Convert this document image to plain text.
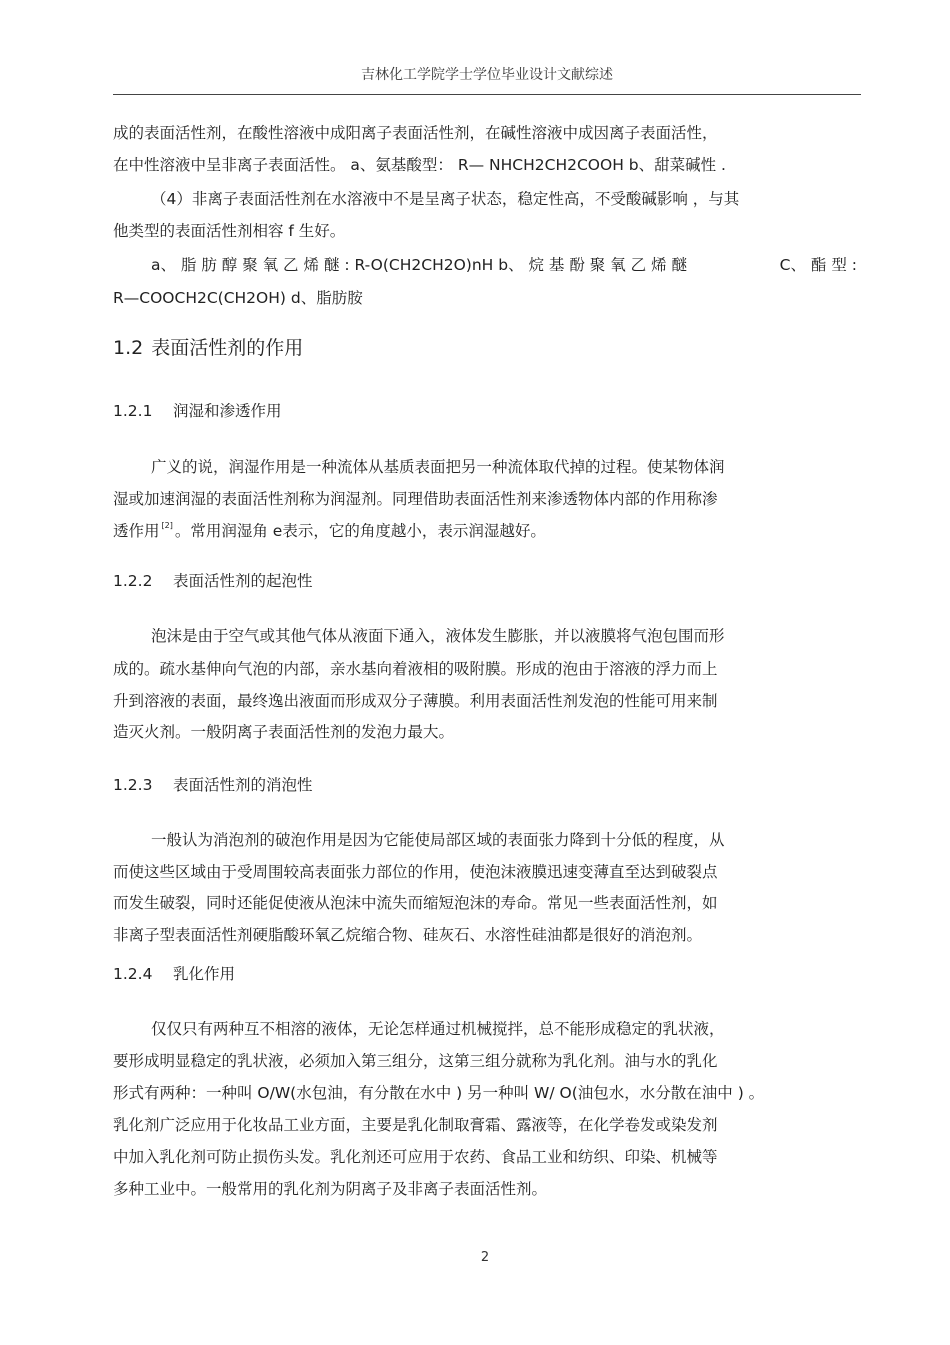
吉林化工学院学士学位毕业设计文献综述
成的表面活性剂，在酸性溶液中成阳离子表面活性剂，在碱性溶液中成因离子表面活性，
在中性溶液中呈非离子表面活性。 a、氨基酸型： R— NHCH2CH2COOH b、甜菜碱性 .
（4）非离子表面活性剂在水溶液中不是呈离子状态，稳定性高，不受酸碱影响 ，与其
他类型的表面活性剂相容 f 生好。
a、 脂 肪 醇 聚 氧 乙 烯 醚 : R-O(CH2CH2O)nH b、 烷 基 酚 聚 氧 乙 烯 醚	C、 酯 型 :
R—COOCH2C(CH2OH) d、脂肪胺
1.2 表面活性剂的作用
1.2.1 润湿和渗透作用
广义的说，润湿作用是一种流体从基质表面把另一种流体取代掉的过程。使某物体润
湿或加速润湿的表面活性剂称为润湿剂。同理借助表面活性剂来渗透物体内部的作用称渗
透作用 [2] 。常用润湿角 e表示，它的角度越小，表示润湿越好。
1.2.2 表面活性剂的起泡性
泡沫是由于空气或其他气体从液面下通入，液体发生膨胀，并以液膜将气泡包围而形
成的。疏水基伸向气泡的内部，亲水基向着液相的吸附膜。形成的泡由于溶液的浮力而上
升到溶液的表面，最终逸出液面而形成双分子薄膜。利用表面活性剂发泡的性能可用来制
造灭火剂。一般阴离子表面活性剂的发泡力最大。
1.2.3 表面活性剂的消泡性
一般认为消泡剂的破泡作用是因为它能使局部区域的表面张力降到十分低的程度，从
而使这些区域由于受周围较高表面张力部位的作用，使泡沫液膜迅速变薄直至达到破裂点
而发生破裂，同时还能促使液从泡沫中流失而缩短泡沫的寿命。常见一些表面活性剂，如
非离子型表面活性剂硬脂酸环氧乙烷缩合物、硅灰石、水溶性硅油都是很好的消泡剂。
1.2.4 乳化作用
仅仅只有两种互不相溶的液体，无论怎样通过机械搅拌，总不能形成稳定的乳状液，
要形成明显稳定的乳状液，必须加入第三组分，这第三组分就称为乳化剂。油与水的乳化
形式有两种：一种叫 O/W(水包油，有分散在水中 ) 另一种叫 W/ O(油包水，水分散在油中 ) 。
乳化剂广泛应用于化妆品工业方面，主要是乳化制取膏霜、露液等，在化学卷发或染发剂
中加入乳化剂可防止损伤头发。乳化剂还可应用于农药、食品工业和纺织、印染、机械等
多种工业中。一般常用的乳化剂为阴离子及非离子表面活性剂。
2
